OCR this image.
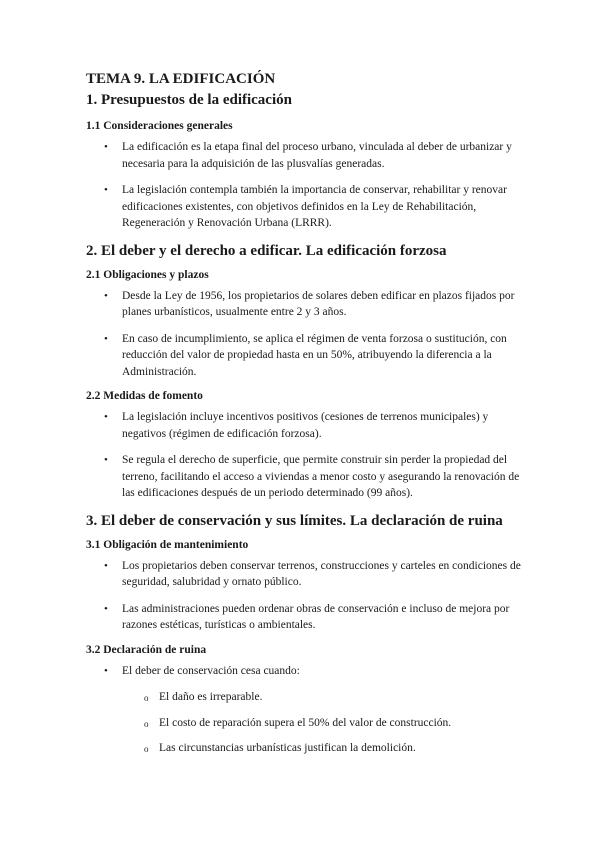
TEMA 9. LA EDIFICACIÓN
1. Presupuestos de la edificación
1.1 Consideraciones generales
• La edificación es la etapa final del proceso urbano, vinculada al deber de urbanizar y necesaria para la adquisición de las plusvalías generadas.
• La legislación contempla también la importancia de conservar, rehabilitar y renovar edificaciones existentes, con objetivos definidos en la Ley de Rehabilitación, Regeneración y Renovación Urbana (LRRR).
2. El deber y el derecho a edificar. La edificación forzosa
2.1 Obligaciones y plazos
• Desde la Ley de 1956, los propietarios de solares deben edificar en plazos fijados por planes urbanísticos, usualmente entre 2 y 3 años.
• En caso de incumplimiento, se aplica el régimen de venta forzosa o sustitución, con reducción del valor de propiedad hasta en un 50%, atribuyendo la diferencia a la Administración.
2.2 Medidas de fomento
• La legislación incluye incentivos positivos (cesiones de terrenos municipales) y negativos (régimen de edificación forzosa).
• Se regula el derecho de superficie, que permite construir sin perder la propiedad del terreno, facilitando el acceso a viviendas a menor costo y asegurando la renovación de las edificaciones después de un periodo determinado (99 años).
3. El deber de conservación y sus límites. La declaración de ruina
3.1 Obligación de mantenimiento
• Los propietarios deben conservar terrenos, construcciones y carteles en condiciones de seguridad, salubridad y ornato público.
• Las administraciones pueden ordenar obras de conservación e incluso de mejora por razones estéticas, turísticas o ambientales.
3.2 Declaración de ruina
• El deber de conservación cesa cuando:
o El daño es irreparable.
o El costo de reparación supera el 50% del valor de construcción.
o Las circunstancias urbanísticas justifican la demolición.
